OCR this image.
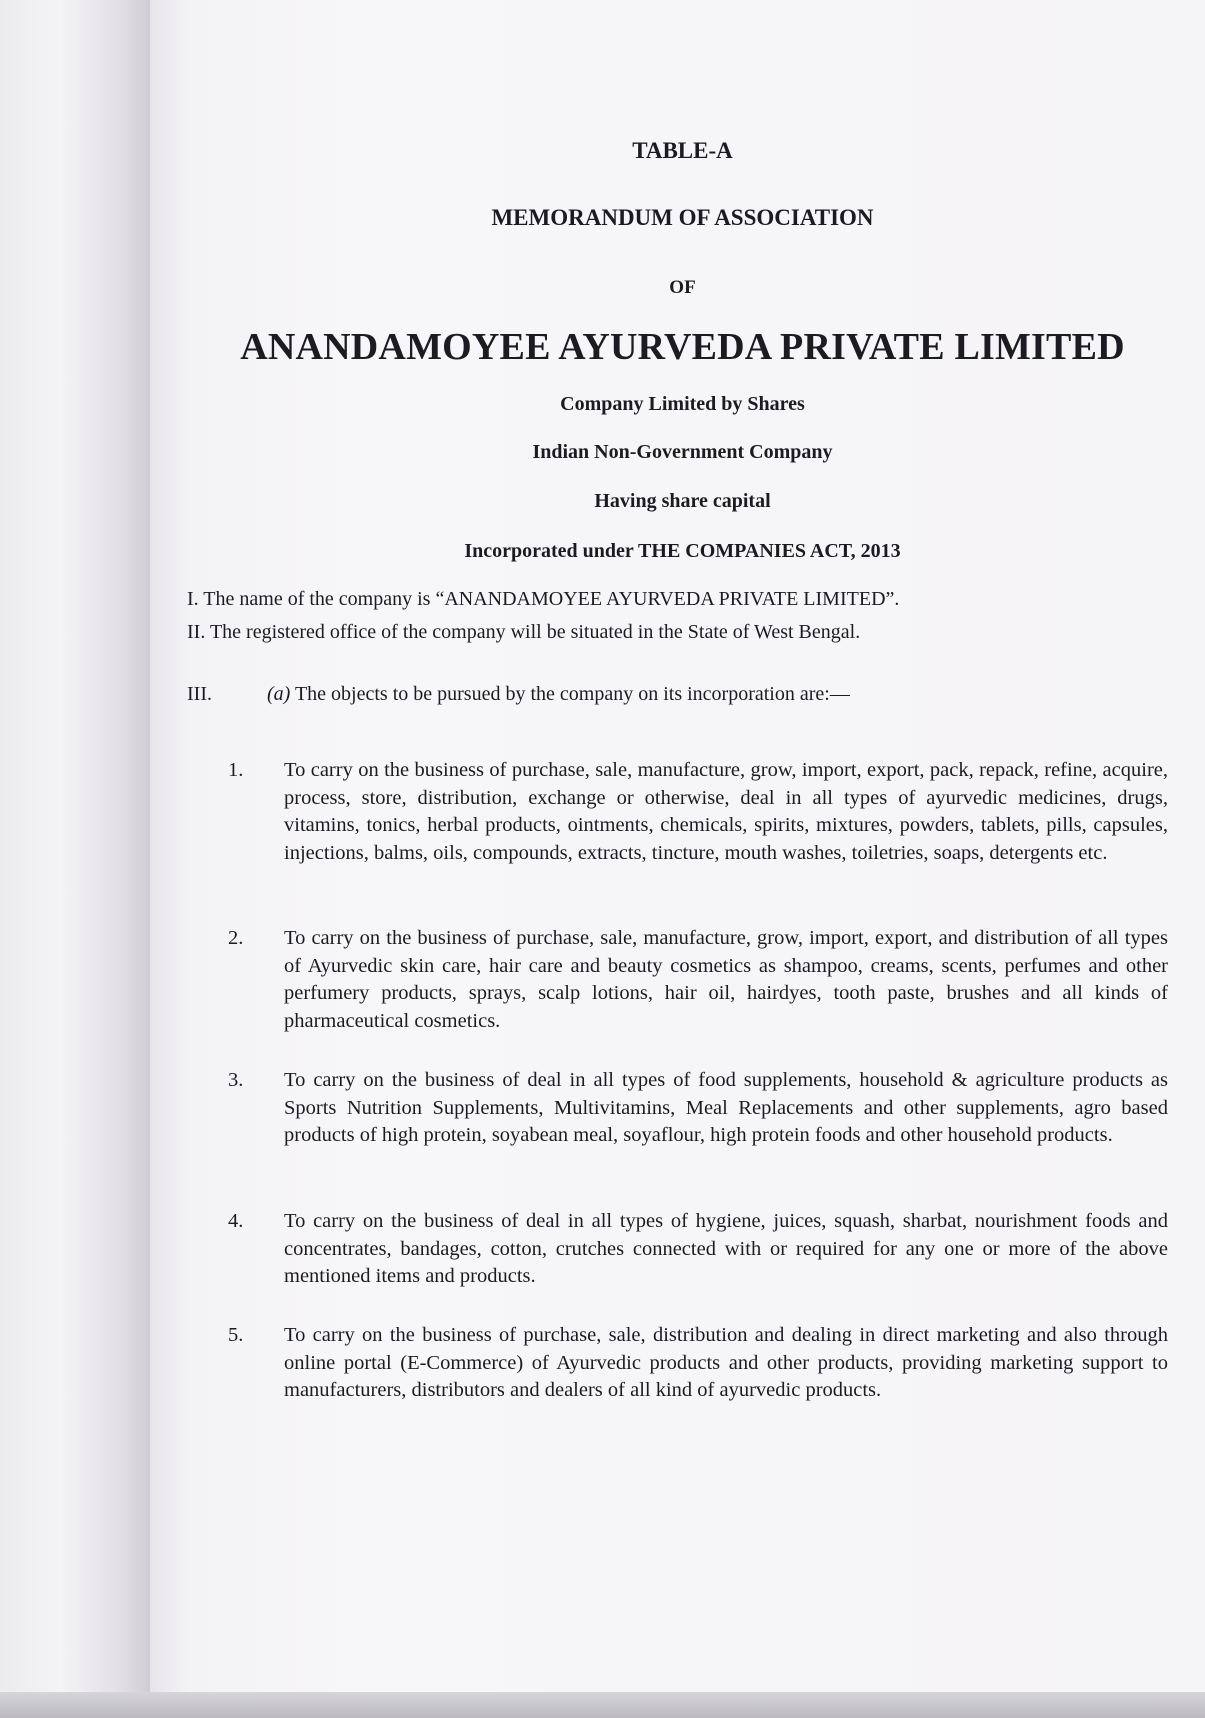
TABLE-A
MEMORANDUM OF ASSOCIATION
OF
ANANDAMOYEE AYURVEDA PRIVATE LIMITED
Company Limited by Shares
Indian Non-Government Company
Having share capital
Incorporated under THE COMPANIES ACT, 2013
I. The name of the company is “ANANDAMOYEE AYURVEDA PRIVATE LIMITED”.
II. The registered office of the company will be situated in the State of West Bengal.
III.	(a) The objects to be pursued by the company on its incorporation are:—
1.	To carry on the business of purchase, sale, manufacture, grow, import, export, pack, repack, refine, acquire, process, store, distribution, exchange or otherwise, deal in all types of ayurvedic medicines, drugs, vitamins, tonics, herbal products, ointments, chemicals, spirits, mixtures, powders, tablets, pills, capsules, injections, balms, oils, compounds, extracts, tincture, mouth washes, toiletries, soaps, detergents etc.
2.	To carry on the business of purchase, sale, manufacture, grow, import, export, and distribution of all types of Ayurvedic skin care, hair care and beauty cosmetics as shampoo, creams, scents, perfumes and other perfumery products, sprays, scalp lotions, hair oil, hairdyes, tooth paste, brushes and all kinds of pharmaceutical cosmetics.
3.	To carry on the business of deal in all types of food supplements, household & agriculture products as Sports Nutrition Supplements, Multivitamins, Meal Replacements and other supplements, agro based products of high protein, soyabean meal, soyaflour, high protein foods and other household products.
4.	To carry on the business of deal in all types of hygiene, juices, squash, sharbat, nourishment foods and concentrates, bandages, cotton, crutches connected with or required for any one or more of the above mentioned items and products.
5.	To carry on the business of purchase, sale, distribution and dealing in direct marketing and also through online portal (E-Commerce) of Ayurvedic products and other products, providing marketing support to manufacturers, distributors and dealers of all kind of ayurvedic products.
